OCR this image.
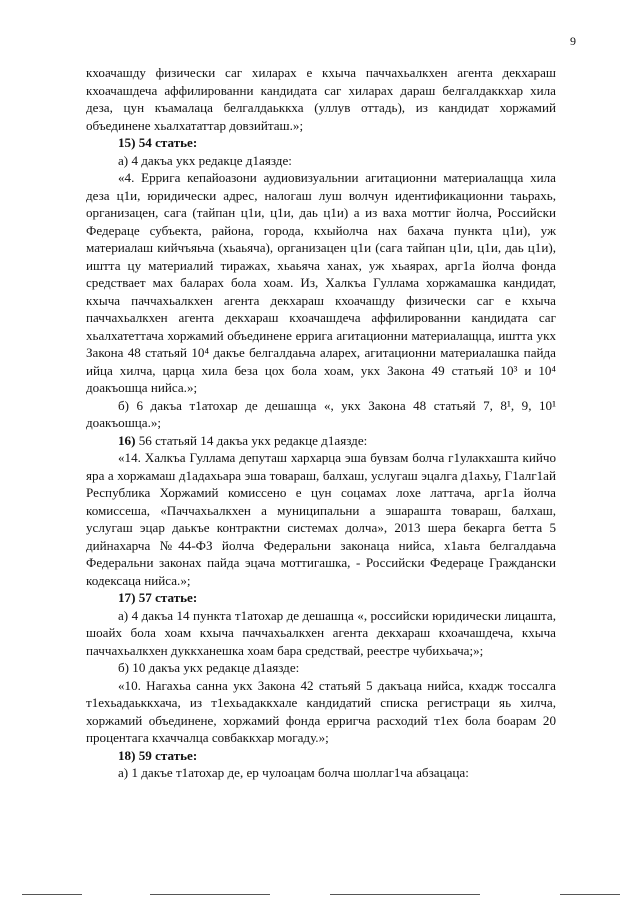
9

кхоачашду физически саг хиларах е кхыча паччахьалкхен агента декхараш кхоачашдеча аффилированни кандидата саг хиларах дараш белгалдаккхар хила деза, цун къамалаца белгалдаьккха (уллув оттадь), из кандидат хоржамий объединене хьалхататтар довзийташ.»;

15) 54 статье:

а) 4 дакъа укх редакце д1аязде:

«4. Еррига кепайоазони аудиовизуальнии агитационни материалащца хила деза ц1и, юридически адрес, налогаш луш волчун идентификационни таьрахь, организацен, сага (тайпан ц1и, ц1и, даь ц1и) а из ваха моттиг йолча, Российски Федерацe субъекта, района, города, кхыйолча нах бахача пункта ц1и), уж материалаш кийчъяьча (хьаьяча), организацен ц1и (сага тайпан ц1и, ц1и, даь ц1и), иштта цу материалий тиражах, хьаьяча ханах, уж хьаярах, арг1а йолча фонда средствает мах баларах бола хоам. Из, Халкъа Гуллама хоржамашка кандидат, кхыча паччахьалкхен агента декхараш кхоачашду физически саг е кхыча паччахьалкхен агента декхараш кхоачашдеча аффилированни кандидата саг хьалхатеттача хоржамий объединене еррига агитационни материалащца, иштта укх Закона 48 статьяй 10⁴ дакъе белгалдаьча аларех, агитационни материалашка пайда ийца хилча, царца хила беза цох бола хоам, укх Закона 49 статьяй 10³ и 10⁴ доакъошца нийса.»;

б) 6 дакъа т1атохар де дешашца «, укх Закона 48 статьяй 7, 8¹, 9, 10¹ доакъошца.»;

16) 56 статьяй 14 дакъа укх редакце д1аязде:

«14. Халкъа Гуллама депуташ хархарца эша бувзам болча г1улакхашта кийчо яра а хоржамаш д1адахьара эша товараш, балхаш, услугаш эцалга д1ахьу, Г1алг1ай Республика Хоржамий комиссено е цун соцамах лохе латтача, арг1а йолча комиссеша, «Паччахьалкхен а муниципальни а эшарашта товараш, балхаш, услугаш эцар даькъе контрактни системах долча», 2013 шера бекарга бетта 5 дийнахарча №44-ФЗ йолча Федеральни законаца нийса, х1аьта белгалдаьча Федеральни законах пайда эцача моттигашка, - Российски Федерацe Граждански кодексаца нийса.»;

17) 57 статье:

а) 4 дакъа 14 пункта т1атохар де дешашца «, российски юридически лицашта, шоайх бола хоам кхыча паччахьалкхен агента декхараш кхоачашдеча, кхыча паччахьалкхен дуккханешка хоам бара средствай, реестре чубихьача;»;

б) 10 дакъа укх редакце д1аязде:

«10. Нагахьа санна укх Закона 42 статьяй 5 дакъаца нийса, кхадж тоссалга т1ехьадаьккхача, из т1ехьадаккхале кандидатий списка регистраци яь хилча, хоржамий объединене, хоржамий фонда ерригча расходий т1ех бола боарам 20 процентага кхаччалца совбаккхар могаду.»;

18) 59 статье:

а) 1 дакъе т1атохар де, ер чулоацам болча шоллаг1ча абзацаца:
